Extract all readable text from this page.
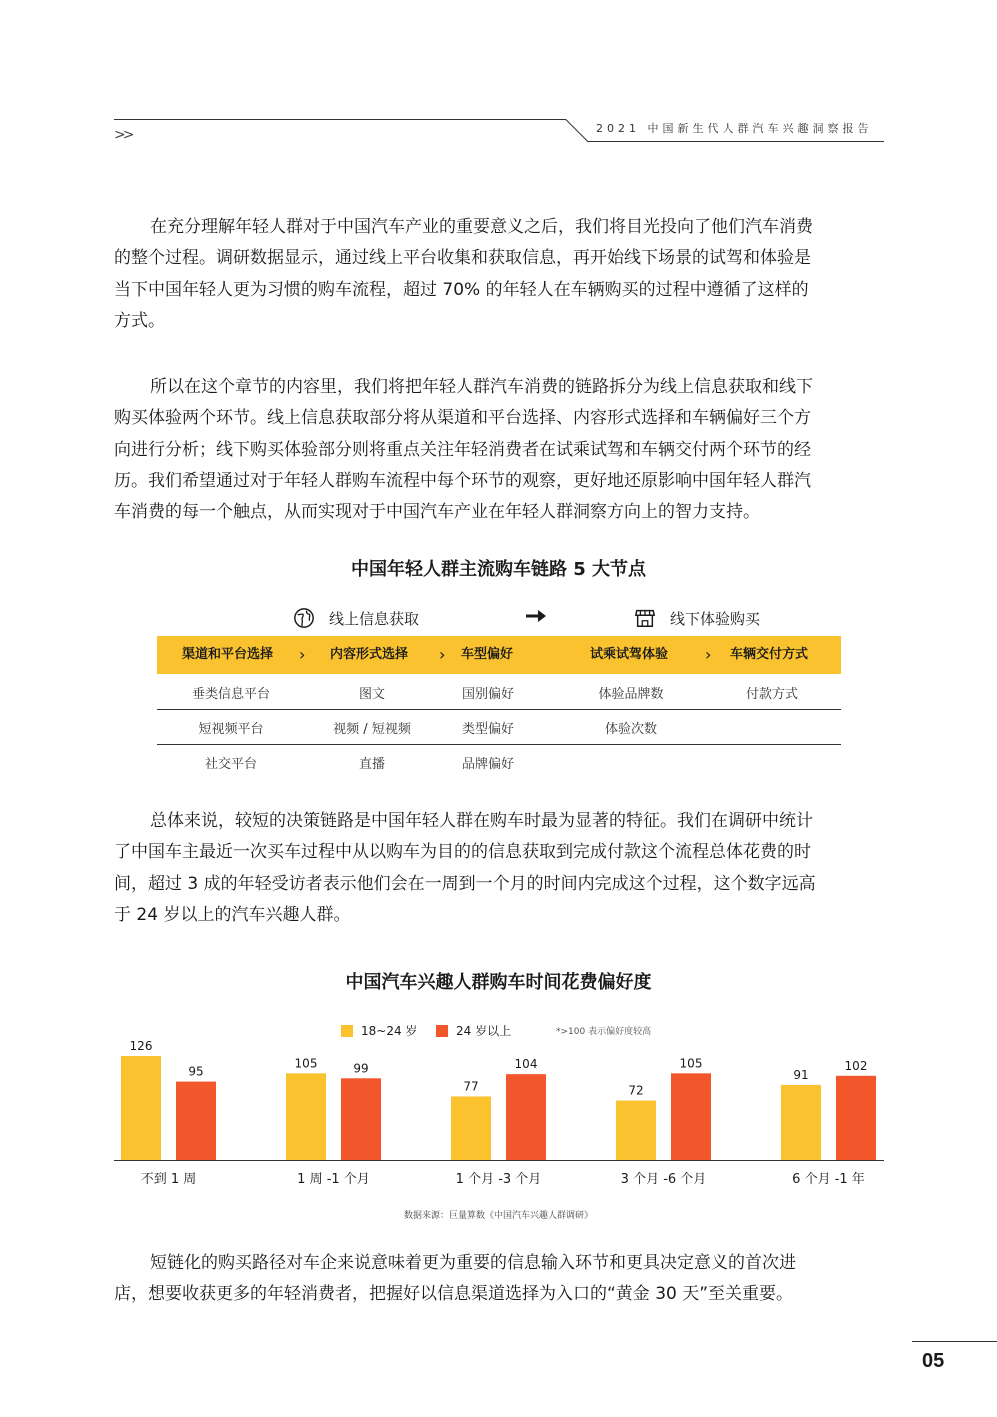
>>	2021 中国新生代人群汽车兴趣洞察报告
在充分理解年轻人群对于中国汽车产业的重要意义之后，我们将目光投向了他们汽车消费
的整个过程。调研数据显示，通过线上平台收集和获取信息，再开始线下场景的试驾和体验是
当下中国年轻人更为习惯的购车流程，超过 70% 的年轻人在车辆购买的过程中遵循了这样的
方式。
所以在这个章节的内容里，我们将把年轻人群汽车消费的链路拆分为线上信息获取和线下
购买体验两个环节。线上信息获取部分将从渠道和平台选择、内容形式选择和车辆偏好三个方
向进行分析；线下购买体验部分则将重点关注年轻消费者在试乘试驾和车辆交付两个环节的经
历。我们希望通过对于年轻人群购车流程中每个环节的观察，更好地还原影响中国年轻人群汽
车消费的每一个触点，从而实现对于中国汽车产业在年轻人群洞察方向上的智力支持。
中国年轻人群主流购车链路 5 大节点
线上信息获取	线下体验购买
渠道和平台选择 › 内容形式选择 › 车型偏好	试乘试驾体验 › 车辆交付方式
垂类信息平台	图文	国别偏好	体验品牌数	付款方式
短视频平台	视频 / 短视频	类型偏好	体验次数
社交平台	直播	品牌偏好
总体来说，较短的决策链路是中国年轻人群在购车时最为显著的特征。我们在调研中统计
了中国车主最近一次买车过程中从以购车为目的的信息获取到完成付款这个流程总体花费的时
间，超过 3 成的年轻受访者表示他们会在一周到一个月的时间内完成这个过程，这个数字远高
于 24 岁以上的汽车兴趣人群。
中国汽车兴趣人群购车时间花费偏好度
18~24 岁	24 岁以上	*>100 表示偏好度较高
126
95
不到 1 周
105	99
1 周 -1 个月
77
104
1 个月 -3 个月
72
105
3 个月 -6 个月
91
102
6 个月 -1 年
数据来源：巨量算数《中国汽车兴趣人群调研》
短链化的购买路径对车企来说意味着更为重要的信息输入环节和更具决定意义的首次进
店，想要收获更多的年轻消费者，把握好以信息渠道选择为入口的“黄金 30 天”至关重要。
05
